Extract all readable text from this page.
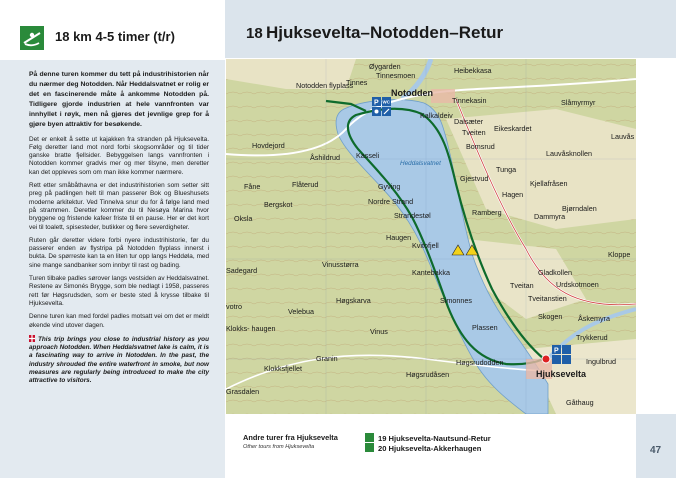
18 km 4-5 timer (t/r)	18 Hjuksevelta–Notodden–Retur

På denne turen kommer du tett på industrihistorien når du nærmer deg Notodden. Når Heddalsvatnet er rolig er det en fascinerende måte å ankomme Notodden på. Tidligere gjorde industrien at hele vannfronten var innhyllet i røyk, men nå gjøres det jevnlige grep for å gjøre byen attraktiv for besøkende.

Det er enkelt å sette ut kajakken fra stranden på Hjuksevelta. Følg deretter land mot nord forbi skogsområder og til tider ganske bratte fjellsider. Bebyggelsen langs vannfronten i Notodden kommer gradvis mer og mer tilsyne, men deretter kan det oppleves som om man ikke kommer nærmere.

Rett etter småbåthavna er det industrihistorien som setter sitt preg på padlingen helt til man passerer Bok og Blueshusets moderne arkitektur. Ved Tinnelva snur du for å følge land med på strammen. Deretter kommer du til Nesøya Marina hvor bryggene og fristende kafeer friste til en pause. Her er det kort vei til toalett, spisesteder, butikker og flere severdigheter.

Ruten går deretter videre forbi nyere industrihistorie, før du passerer enden av flystripa på Notodden flyplass innerst i bukta. De spørreste kan ta en liten tur opp langs Heddøla, med sine mange sandbanker som innbyr til rast og bading.

Turen tilbake padles sørover langs vestsiden av Heddalsvatnet. Restene av Simonés Brygge, som ble nedlagt i 1958, passeres rett før Høgsrudsden, som er beste sted å krysse tilbake til Hjuksevelta.

Denne turen kan med fordel padles motsatt vei om det er meldt økende vind utover dagen.

This trip brings you close to industrial history as you approach Notodden. When Heddalsvatnet lake is calm, it is a fascinating way to arrive in Notodden. In the past, the industry shrouded the entire waterfront in smoke, but now measures are regularly being introduced to make the city attractive to visitors.

P WC
P
Notodden
Notodden flyplass
Hjuksevelta
Tinnes
Øygarden
Tinnesmoen
Heibekkasa
Tinnekasin
Kalkaldeiv
Dalsæter
Slåmyrmyr
Hovdejord
Åshildrud Kasseli
Tveiten Eikeskardet
Bomsrud
Lauvås
Heddalsvatnet
Tunga
Lauvåsknollen
Fåne	Flåterud	Gyving
Gjestvud
Kjellafråsen
Hagen
Bergskot	Nordre Strand
Strandestøl	Ramberg	Dammyra
Bjørndalen
Oksla
Haugen
Kvitofjell
Kloppe
Vinusstørra
Kantebakka	Gladkollen
Urdskotmoen
Høgskarva	Simonnes
Tveitan
Tveitanstien
Velebua
Vinus	Plassen
Skogen Åskemyra
Klokks- haugen
Granin	Høgsrudodden
Klokksfjellet
Trykkerud
Ingulbrud
Høgsrudåsen
Grasdalen
Gåthaug
Sadegard
votro
Andre turer fra Hjuksevelta
Other tours from Hjuksevelta
19 Hjuksevelta-Nautsund-Retur
20 Hjuksevelta-Akkerhaugen	47
